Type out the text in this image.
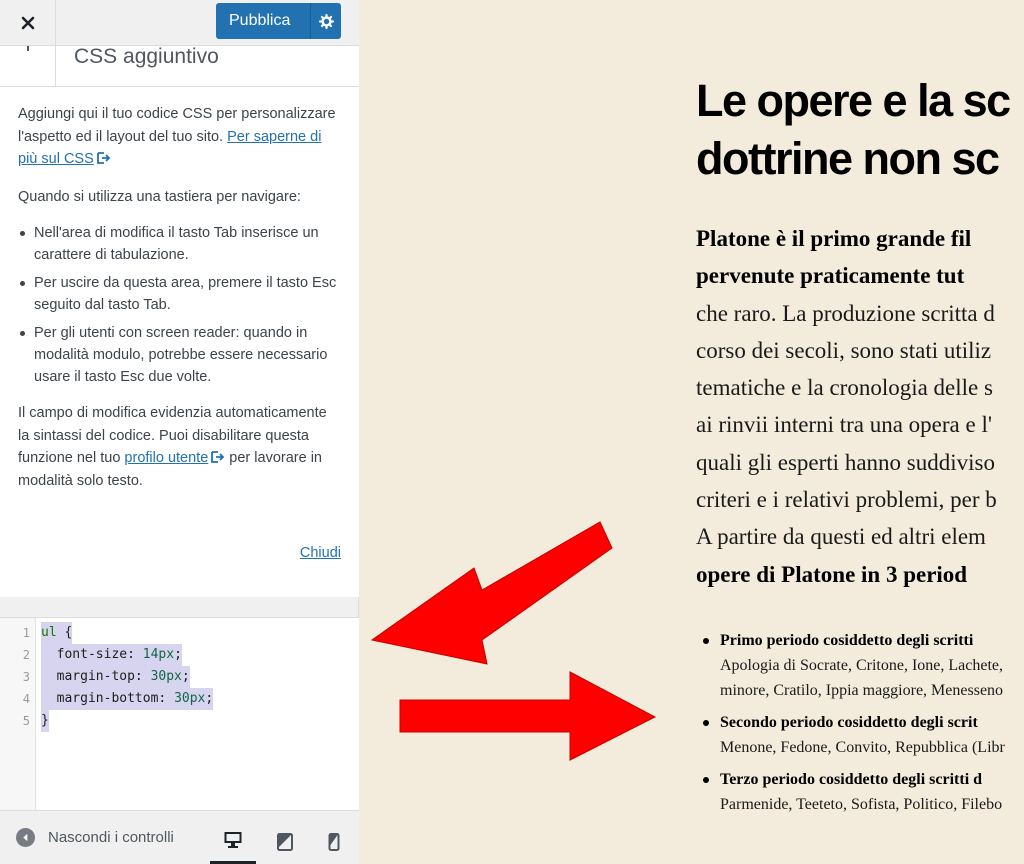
Pubblica
CSS aggiuntivo

Aggiungi qui il tuo codice CSS per personalizzare l'aspetto ed il layout del tuo sito. Per saperne di più sul CSS

Quando si utilizza una tastiera per navigare:

Nell'area di modifica il tasto Tab inserisce un carattere di tabulazione.
Per uscire da questa area, premere il tasto Esc seguito dal tasto Tab.
Per gli utenti con screen reader: quando in modalità modulo, potrebbe essere necessario usare il tasto Esc due volte.

Il campo di modifica evidenzia automaticamente la sintassi del codice. Puoi disabilitare questa funzione nel tuo profilo utente per lavorare in modalità solo testo.

Chiudi
1 ul {
2 font-size: 14px;
3 margin-top: 30px;
4 margin-bottom: 30px;
5 }
Nascondi i controlli
Le opere e la sc
dottrine non sc
Platone è il primo grande fil
pervenute praticamente tut
che raro. La produzione scritta d
corso dei secoli, sono stati utiliz
tematiche e la cronologia delle s
ai rinvii interni tra una opera e l'
quali gli esperti hanno suddiviso
criteri e i relativi problemi, per b
A partire da questi ed altri elem
opere di Platone in 3 period
Primo periodo cosiddetto degli scritti
Apologia di Socrate, Critone, Ione, Lachete,
minore, Cratilo, Ippia maggiore, Menesseno
Secondo periodo cosiddetto degli scrit
Menone, Fedone, Convito, Repubblica (Libr
Terzo periodo cosiddetto degli scritti d
Parmenide, Teeteto, Sofista, Politico, Filebo
